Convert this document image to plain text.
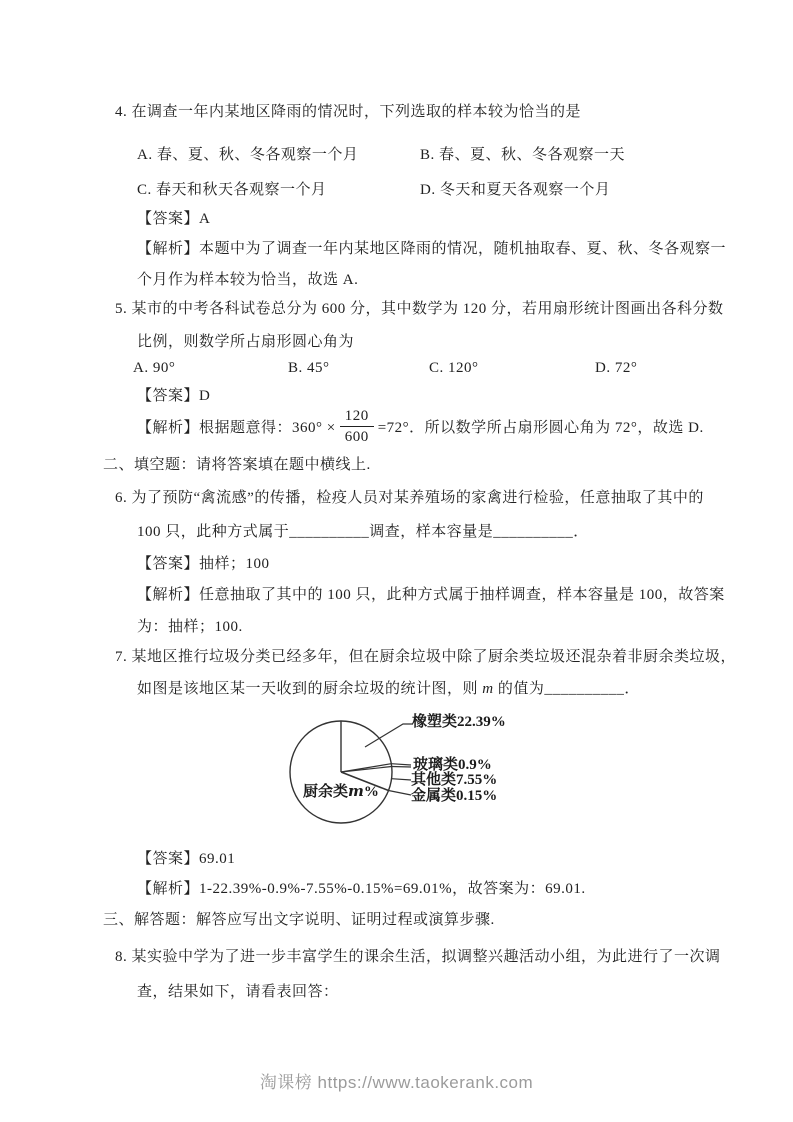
4. 在调查一年内某地区降雨的情况时，下列选取的样本较为恰当的是
A. 春、夏、秋、冬各观察一个月	B. 春、夏、秋、冬各观察一天
C. 春天和秋天各观察一个月	D. 冬天和夏天各观察一个月
【答案】A
【解析】本题中为了调查一年内某地区降雨的情况，随机抽取春、夏、秋、冬各观察一
个月作为样本较为恰当，故选 A.
5. 某市的中考各科试卷总分为 600 分，其中数学为 120 分，若用扇形统计图画出各科分数
比例，则数学所占扇形圆心角为
A. 90°	B. 45°	C. 120°	D. 72°
【答案】D
【解析】根据题意得：$360^\circ \times \frac{120}{600} =72^\circ$．所以数学所占扇形圆心角为 72°，故选 D.
二、填空题：请将答案填在题中横线上.
6. 为了预防“禽流感”的传播，检疫人员对某养殖场的家禽进行检验，任意抽取了其中的
100 只，此种方式属于__________调查，样本容量是__________．
【答案】抽样；100
【解析】任意抽取了其中的 100 只，此种方式属于抽样调查，样本容量是 100，故答案
为：抽样；100.
7. 某地区推行垃圾分类已经多年，但在厨余垃圾中除了厨余类垃圾还混杂着非厨余类垃圾，
如图是该地区某一天收到的厨余垃圾的统计图，则 m 的值为__________．
橡塑类22.39%
玻璃类0.9%
其他类7.55%
金属类0.15%
厨余类m%
【答案】69.01
【解析】1-22.39%-0.9%-7.55%-0.15%=69.01%，故答案为：69.01.
三、解答题：解答应写出文字说明、证明过程或演算步骤.
8. 某实验中学为了进一步丰富学生的课余生活，拟调整兴趣活动小组，为此进行了一次调
查，结果如下，请看表回答：
淘课榜 https://www.taokerank.com
